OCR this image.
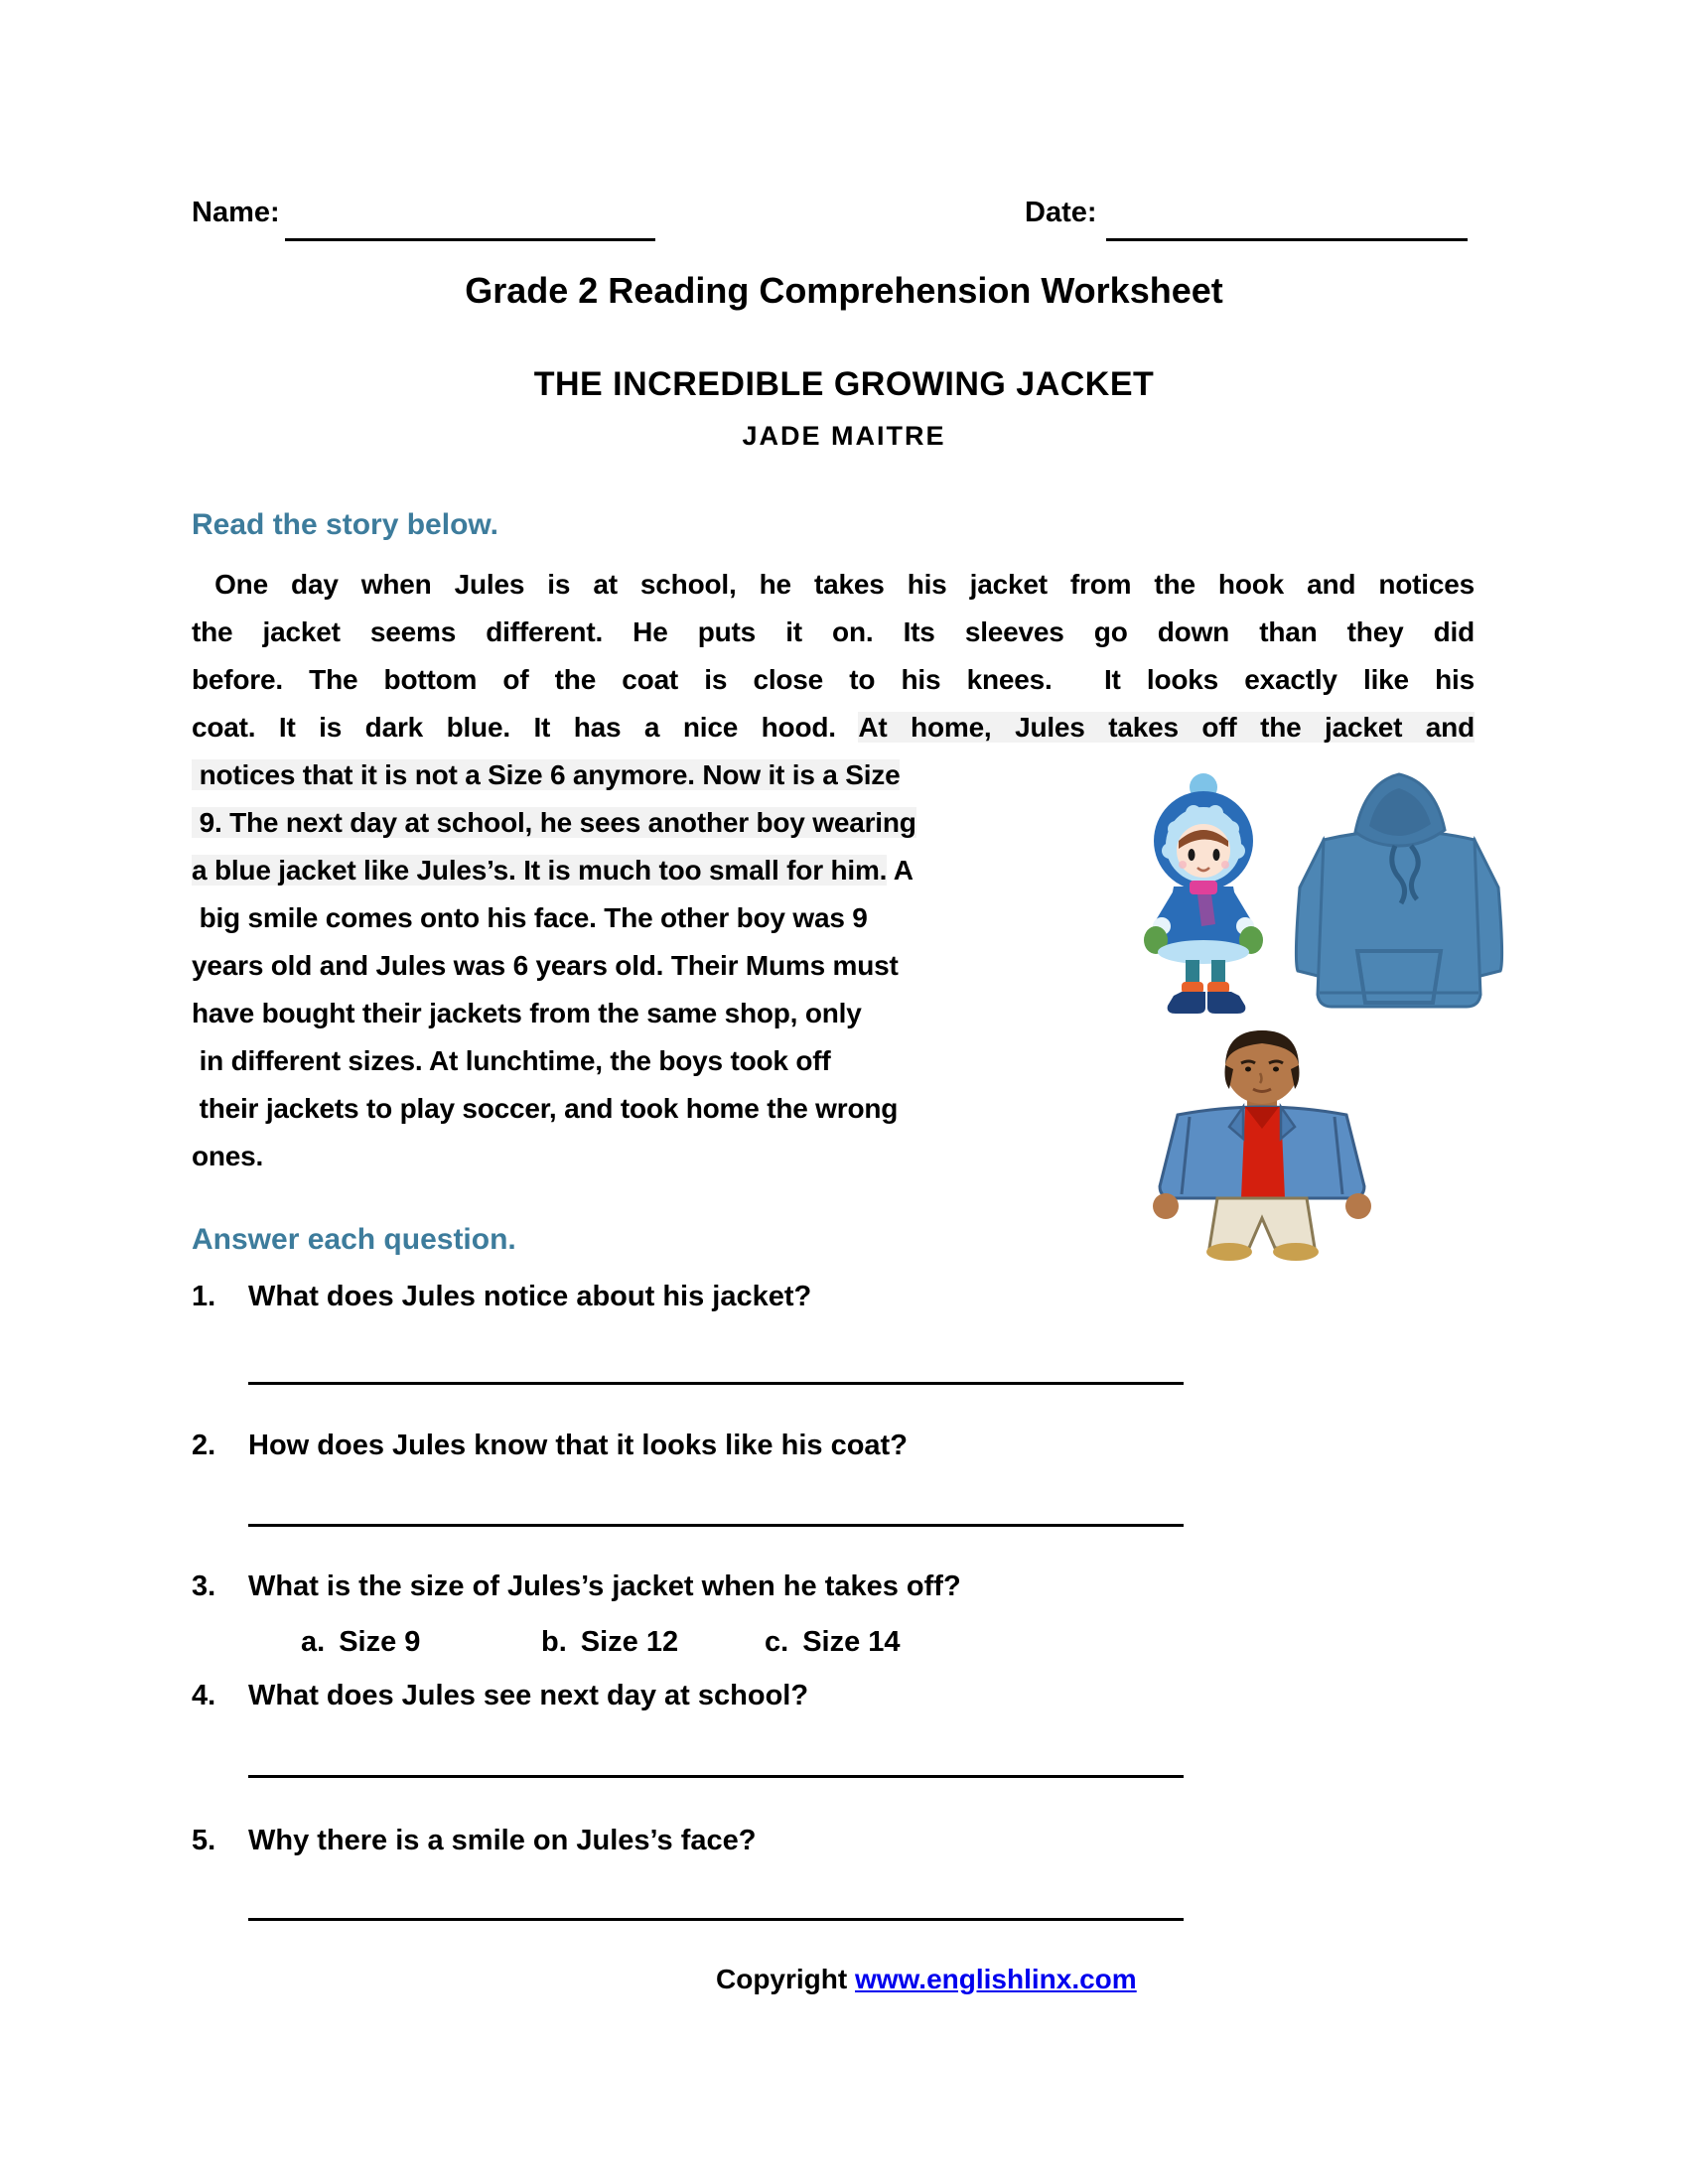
Name:	Date:
Grade 2 Reading Comprehension Worksheet
THE INCREDIBLE GROWING JACKET
JADE MAITRE
Read the story below.
One day when Jules is at school, he takes his jacket from the hook and notices
the jacket seems different. He puts it on. Its sleeves go down than they did
before. The bottom of the coat is close to his knees.  It looks exactly like his
coat. It is dark blue. It has a nice hood. At home, Jules takes off the jacket and
notices that it is not a Size 6 anymore. Now it is a Size
9. The next day at school, he sees another boy wearing
a blue jacket like Jules’s. It is much too small for him. A
big smile comes onto his face. The other boy was 9
years old and Jules was 6 years old. Their Mums must
have bought their jackets from the same shop, only
in different sizes. At lunchtime, the boys took off
their jackets to play soccer, and took home the wrong
ones.
Answer each question.
1. What does Jules notice about his jacket?
2. How does Jules know that it looks like his coat?
3. What is the size of Jules’s jacket when he takes off?
a. Size 9	b. Size 12	c. Size 14
4. What does Jules see next day at school?
5. Why there is a smile on Jules’s face?
Copyright www.englishlinx.com
